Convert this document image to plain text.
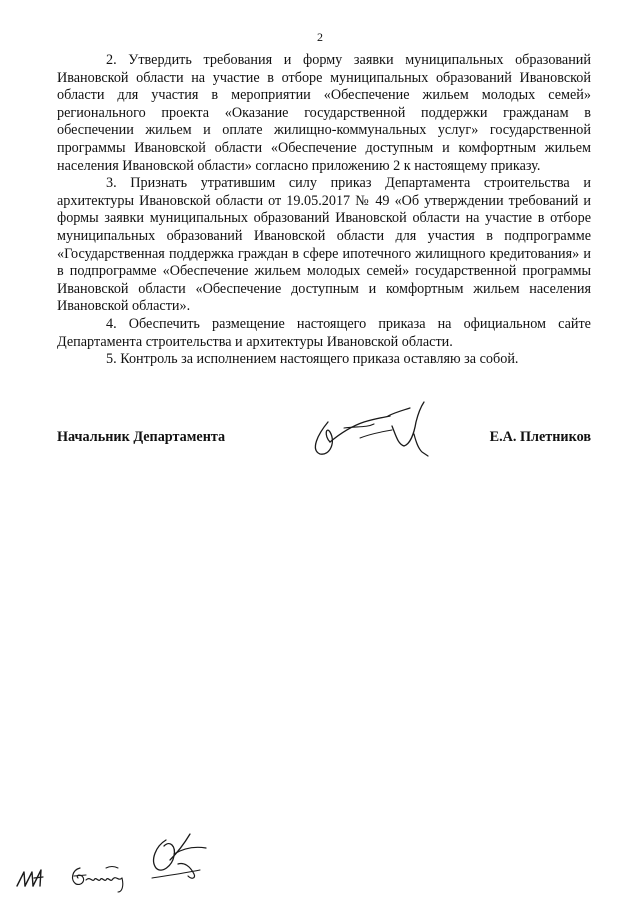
2

2. Утвердить требования и форму заявки муниципальных образований Ивановской области на участие в отборе муниципальных образований Ивановской области для участия в мероприятии «Обеспечение жильем молодых семей» регионального проекта «Оказание государственной поддержки гражданам в обеспечении жильем и оплате жилищно-коммунальных услуг» государственной программы Ивановской области «Обеспечение доступным и комфортным жильем населения Ивановской области» согласно приложению 2 к настоящему приказу.

3. Признать утратившим силу приказ Департамента строительства и архитектуры Ивановской области от 19.05.2017 № 49 «Об утверждении требований и формы заявки муниципальных образований Ивановской области на участие в отборе муниципальных образований Ивановской области для участия в подпрограмме «Государственная поддержка граждан в сфере ипотечного жилищного кредитования» и в подпрограмме «Обеспечение жильем молодых семей» государственной программы Ивановской области «Обеспечение доступным и комфортным жильем населения Ивановской области».

4. Обеспечить размещение настоящего приказа на официальном сайте Департамента строительства и архитектуры Ивановской области.

5. Контроль за исполнением настоящего приказа оставляю за собой.

Начальник Департамента	Е.А. Плетников
